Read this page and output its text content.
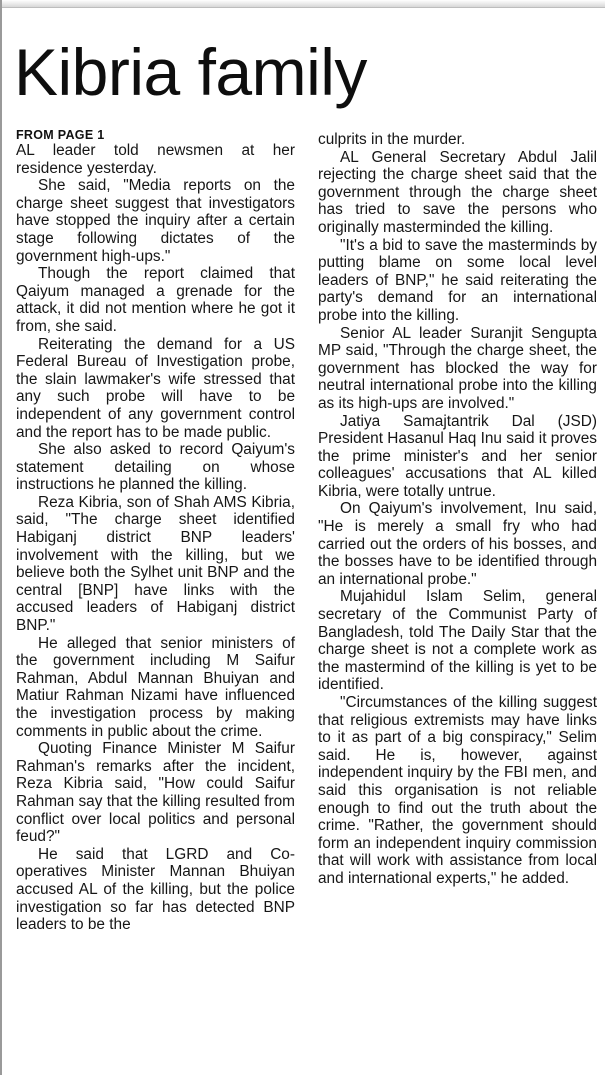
Kibria family
FROM PAGE 1

AL leader told newsmen at her residence yesterday.

She said, "Media reports on the charge sheet suggest that investigators have stopped the inquiry after a certain stage following dictates of the government high-ups."

Though the report claimed that Qaiyum managed a grenade for the attack, it did not mention where he got it from, she said.

Reiterating the demand for a US Federal Bureau of Investigation probe, the slain lawmaker's wife stressed that any such probe will have to be independent of any government control and the report has to be made public.

She also asked to record Qaiyum's statement detailing on whose instructions he planned the killing.

Reza Kibria, son of Shah AMS Kibria, said, "The charge sheet identified Habiganj district BNP leaders' involvement with the killing, but we believe both the Sylhet unit BNP and the central [BNP] have links with the accused leaders of Habiganj district BNP."

He alleged that senior ministers of the government including M Saifur Rahman, Abdul Mannan Bhuiyan and Matiur Rahman Nizami have influenced the investigation process by making comments in public about the crime.

Quoting Finance Minister M Saifur Rahman's remarks after the incident, Reza Kibria said, "How could Saifur Rahman say that the killing resulted from conflict over local politics and personal feud?"

He said that LGRD and Co-operatives Minister Mannan Bhuiyan accused AL of the killing, but the police investigation so far has detected BNP leaders to be the

culprits in the murder.

AL General Secretary Abdul Jalil rejecting the charge sheet said that the government through the charge sheet has tried to save the persons who originally masterminded the killing.

"It's a bid to save the masterminds by putting blame on some local level leaders of BNP," he said reiterating the party's demand for an international probe into the killing.

Senior AL leader Suranjit Sengupta MP said, "Through the charge sheet, the government has blocked the way for neutral international probe into the killing as its high-ups are involved."

Jatiya Samajtantrik Dal (JSD) President Hasanul Haq Inu said it proves the prime minister's and her senior colleagues' accusations that AL killed Kibria, were totally untrue.

On Qaiyum's involvement, Inu said, "He is merely a small fry who had carried out the orders of his bosses, and the bosses have to be identified through an international probe."

Mujahidul Islam Selim, general secretary of the Communist Party of Bangladesh, told The Daily Star that the charge sheet is not a complete work as the mastermind of the killing is yet to be identified.

"Circumstances of the killing suggest that religious extremists may have links to it as part of a big conspiracy," Selim said. He is, however, against independent inquiry by the FBI men, and said this organisation is not reliable enough to find out the truth about the crime. "Rather, the government should form an independent inquiry commission that will work with assistance from local and international experts," he added.
